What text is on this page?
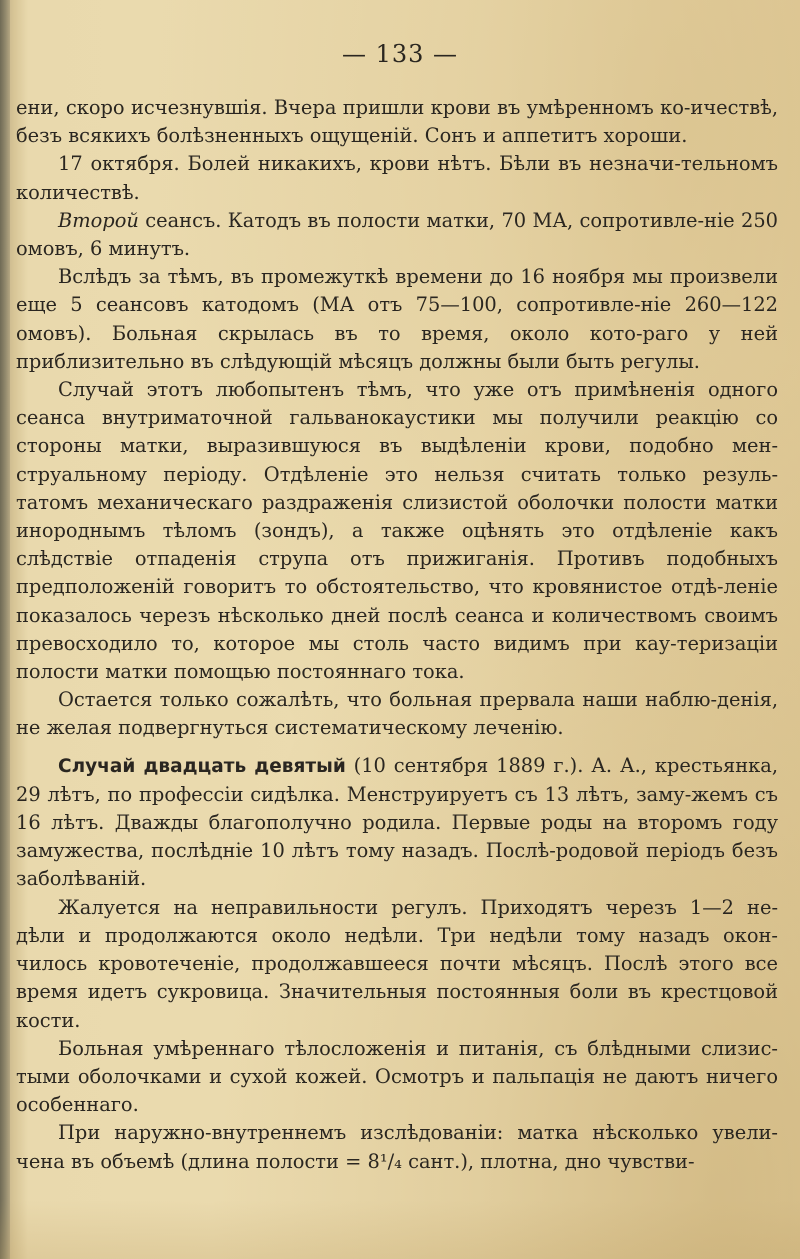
— 133 —

ени, скоро исчезнувшія. Вчера пришли крови въ умѣренномъ ко-ичествѣ, безъ всякихъ болѣзненныхъ ощущеній. Сонъ и аппетитъ хороши.

17 октября. Болей никакихъ, крови нѣтъ. Бѣли въ незначи-тельномъ количествѣ.

Второй сеансъ. Катодъ въ полости матки, 70 МА, сопротивле-ніе 250 омовъ, 6 минутъ.

Вслѣдъ за тѣмъ, въ промежуткѣ времени до 16 ноября мы произвели еще 5 сеансовъ катодомъ (МА отъ 75—100, сопротивле-ніе 260—122 омовъ). Больная скрылась въ то время, около кото-раго у ней приблизительно въ слѣдующій мѣсяцъ должны были быть регулы.

Случай этотъ любопытенъ тѣмъ, что уже отъ примѣненія одного сеанса внутриматочной гальванокаустики мы получили реакцію со стороны матки, выразившуюся въ выдѣленіи крови, подобно мен-струальному періоду. Отдѣленіе это нельзя считать только резуль-татомъ механическаго раздраженія слизистой оболочки полости матки инороднымъ тѣломъ (зондъ), а также оцѣнять это отдѣленіе какъ слѣдствіе отпаденія струпа отъ прижиганія. Противъ подобныхъ предположеній говоритъ то обстоятельство, что кровянистое отдѣ-леніе показалось черезъ нѣсколько дней послѣ сеанса и количествомъ своимъ превосходило то, которое мы столь часто видимъ при кау-теризаціи полости матки помощью постояннаго тока.

Остается только сожалѣть, что больная прервала наши наблю-денія, не желая подвергнуться систематическому леченію.

Случай двадцать девятый (10 сентября 1889 г.). А. А., крестьянка, 29 лѣтъ, по профессіи сидѣлка. Менструируетъ съ 13 лѣтъ, заму-жемъ съ 16 лѣтъ. Дважды благополучно родила. Первые роды на второмъ году замужества, послѣдніе 10 лѣтъ тому назадъ. Послѣ-родовой періодъ безъ заболѣваній.

Жалуется на неправильности регулъ. Приходятъ черезъ 1—2 не-дѣли и продолжаются около недѣли. Три недѣли тому назадъ окон-чилось кровотеченіе, продолжавшееся почти мѣсяцъ. Послѣ этого все время идетъ сукровица. Значительныя постоянныя боли въ крестцовой кости.

Больная умѣреннаго тѣлосложенія и питанія, съ блѣдными слизис-тыми оболочками и сухой кожей. Осмотръ и пальпація не даютъ ничего особеннаго.

При наружно-внутреннемъ изслѣдованіи: матка нѣсколько увели-чена въ объемѣ (длина полости = 8¹/₄ сант.), плотна, дно чувстви-
